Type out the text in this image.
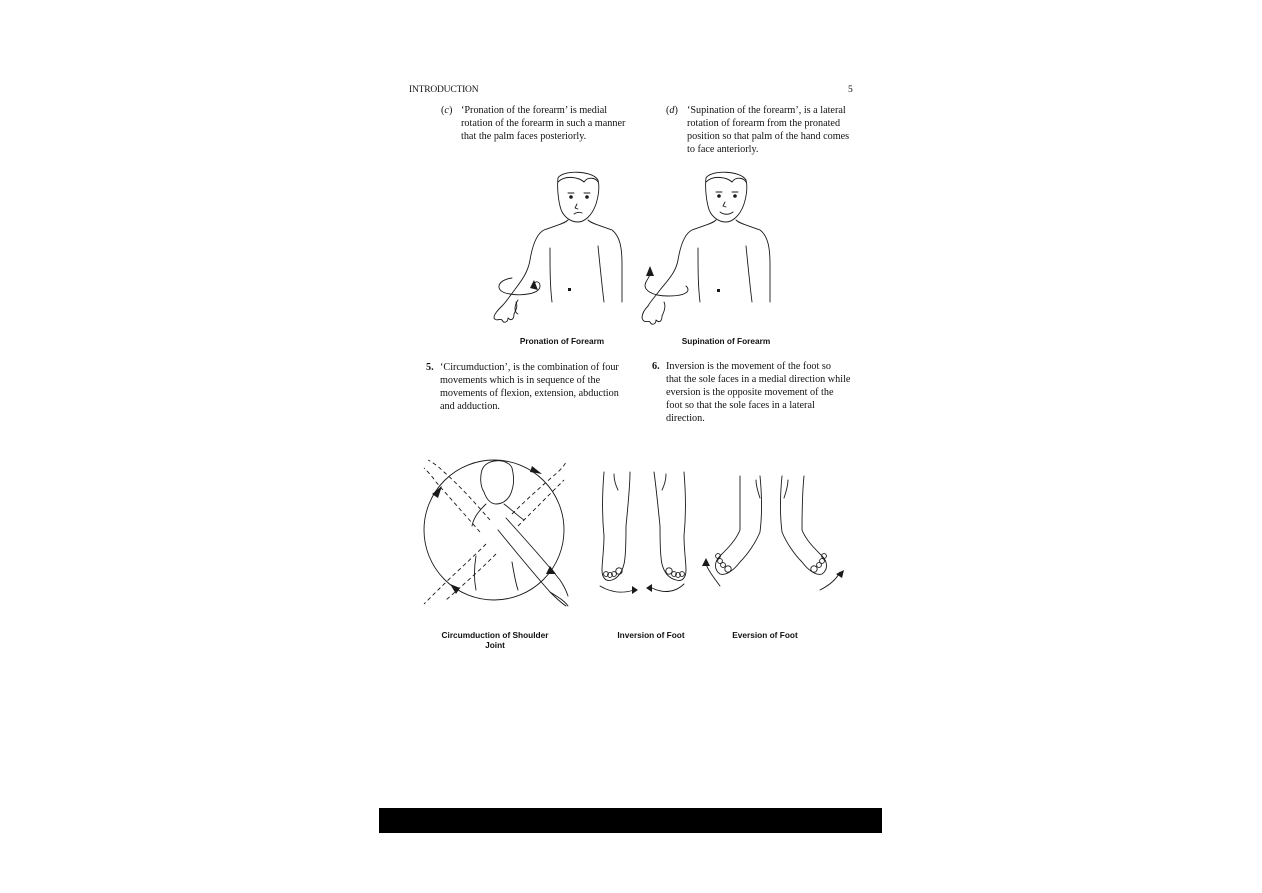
INTRODUCTION	5
(c) ‘Pronation of the forearm’ is medial
rotation of the forearm in such a manner
that the palm faces posteriorly.
(d) ‘Supination of the forearm’, is a lateral
rotation of forearm from the pronated
position so that palm of the hand comes
to face anteriorly.
Pronation of Forearm	Supination of Forearm
5. ‘Circumduction’, is the combination of four
movements which is in sequence of the
movements of flexion, extension, abduction
and adduction.
6. Inversion is the movement of the foot so
that the sole faces in a medial direction while
eversion is the opposite movement of the
foot so that the sole faces in a lateral
direction.
Circumduction of Shoulder
Joint
Inversion of Foot	Eversion of Foot
